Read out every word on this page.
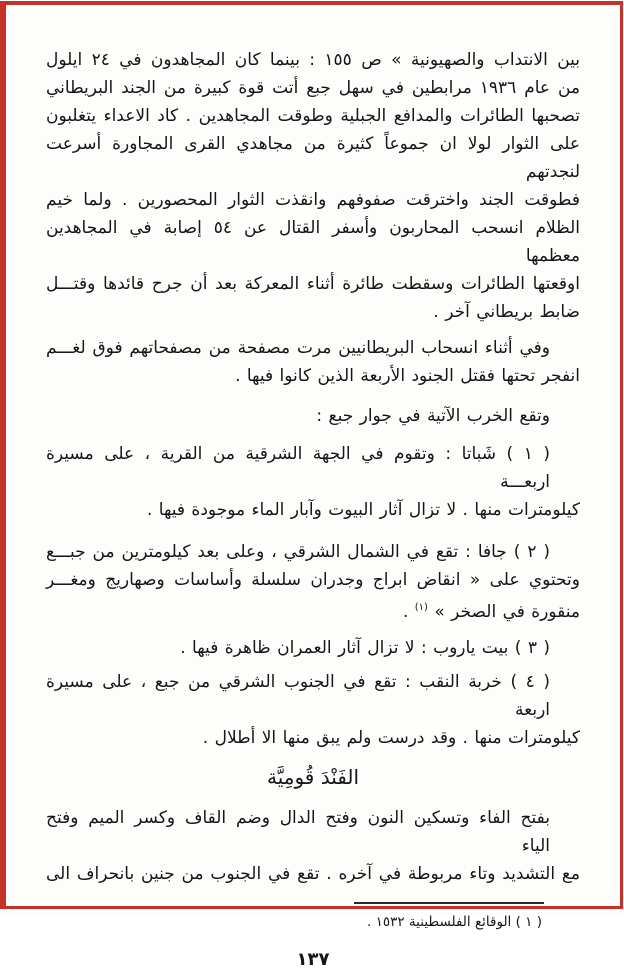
بين الانتداب والصهيونية » ص ١٥٥ : بينما كان المجاهدون في ٢٤ ايلول
من عام ١٩٣٦ مرابطين في سهل جبع أتت قوة كبيرة من الجند البريطاني
تصحبها الطائرات والمدافع الجبلية وطوقت المجاهدين . كاد الاعداء يتغلبون
على الثوار لولا ان جموعاً كثيرة من مجاهدي القرى المجاورة أسرعت لنجدتهم
فطوقت الجند واخترقت صفوفهم وانقذت الثوار المحصورين . ولما خيم
الظلام انسحب المحاربون وأسفر القتال عن ٥٤ إصابة في المجاهدين معظمها
اوقعتها الطائرات وسقطت طائرة أثناء المعركة بعد أن جرح قائدها وقتـــل
ضابط بريطاني آخر .
وفي أثناء انسحاب البريطانيين مرت مصفحة من مصفحاتهم فوق لغـــم
انفجر تحتها فقتل الجنود الأربعة الذين كانوا فيها .
وتقع الخرب الآتية في جوار جبع :
( ١ ) شَباتا : وتقوم في الجهة الشرقية من القرية ، على مسيرة اربعـــة
كيلومترات منها . لا تزال آثار البيوت وآبار الماء موجودة فيها .
( ٢ ) جافا : تقع في الشمال الشرقي ، وعلى بعد كيلومترين من جبـــع
وتحتوي على « انقاض ابراج وجدران سلسلة وأساسات وصهاريج ومغـــر
منقورة في الصخر » $^{(١)}$ .
( ٣ ) بيت ياروب : لا تزال آثار العمران ظاهرة فيها .
( ٤ ) خربة النقب : تقع في الجنوب الشرقي من جبع ، على مسيرة اربعة
كيلومترات منها . وقد درست ولم يبق منها الا أطلال .
الفَنْدَ قُومِيَّة
بفتح الفاء وتسكين النون وفتح الدال وضم القاف وكسر الميم وفتح الياء
مع التشديد وتاء مربوطة في آخره . تقع في الجنوب من جنين بانحراف الى
( ١ ) الوقائع الفلسطينية ١٥٣٢ .
١٣٧
